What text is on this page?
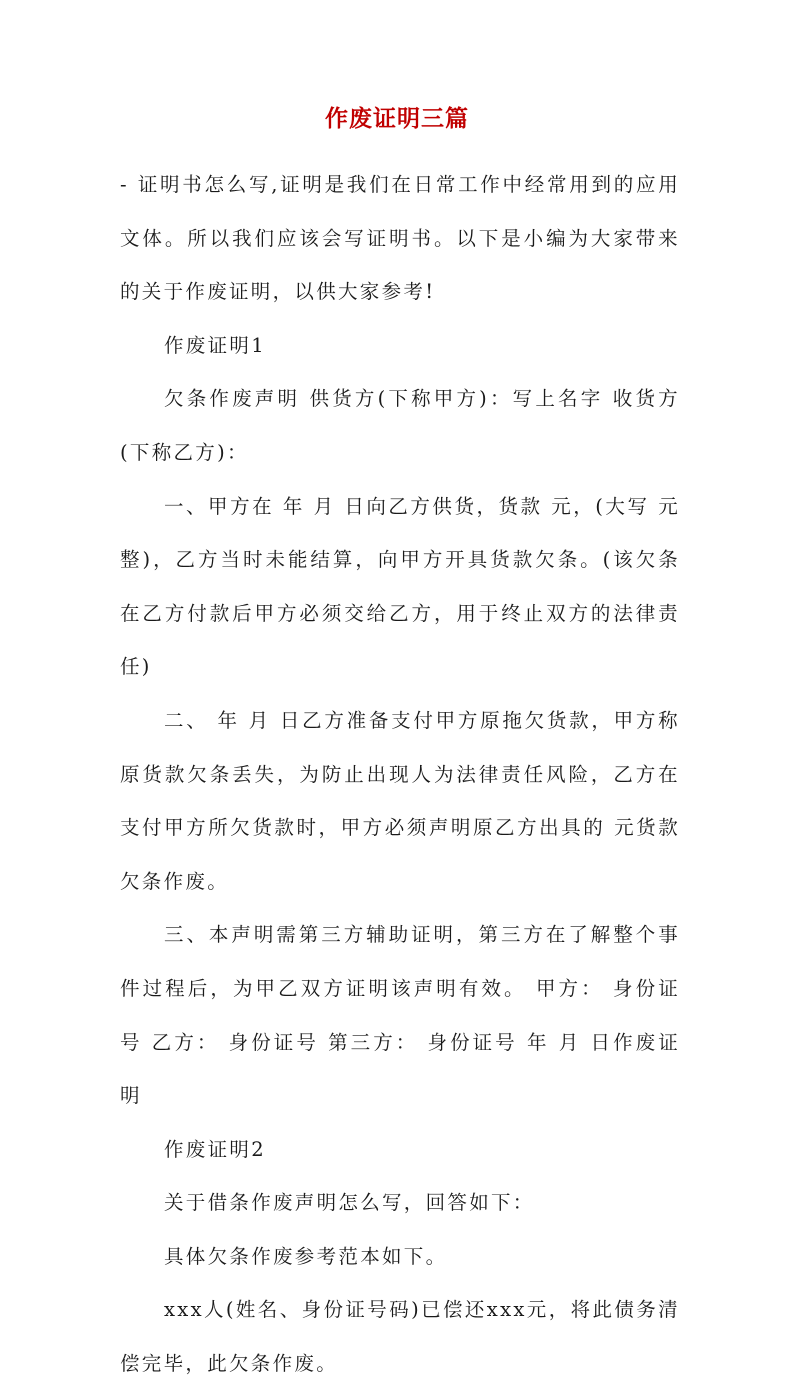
作废证明三篇

- 证明书怎么写,证明是我们在日常工作中经常用到的应用文体。所以我们应该会写证明书。以下是小编为大家带来的关于作废证明，以供大家参考!

作废证明1

欠条作废声明 供货方(下称甲方)：写上名字 收货方(下称乙方)：

一、甲方在 年 月 日向乙方供货，货款 元，(大写 元整)，乙方当时未能结算，向甲方开具货款欠条。(该欠条在乙方付款后甲方必须交给乙方，用于终止双方的法律责任)

二、 年 月 日乙方准备支付甲方原拖欠货款，甲方称原货款欠条丢失，为防止出现人为法律责任风险，乙方在支付甲方所欠货款时，甲方必须声明原乙方出具的 元货款欠条作废。

三、本声明需第三方辅助证明，第三方在了解整个事件过程后，为甲乙双方证明该声明有效。 甲方： 身份证号 乙方： 身份证号 第三方： 身份证号 年 月 日作废证明

作废证明2

关于借条作废声明怎么写，回答如下：

具体欠条作废参考范本如下。

xxx人(姓名、身份证号码)已偿还xxx元，将此债务清偿完毕，此欠条作废。
